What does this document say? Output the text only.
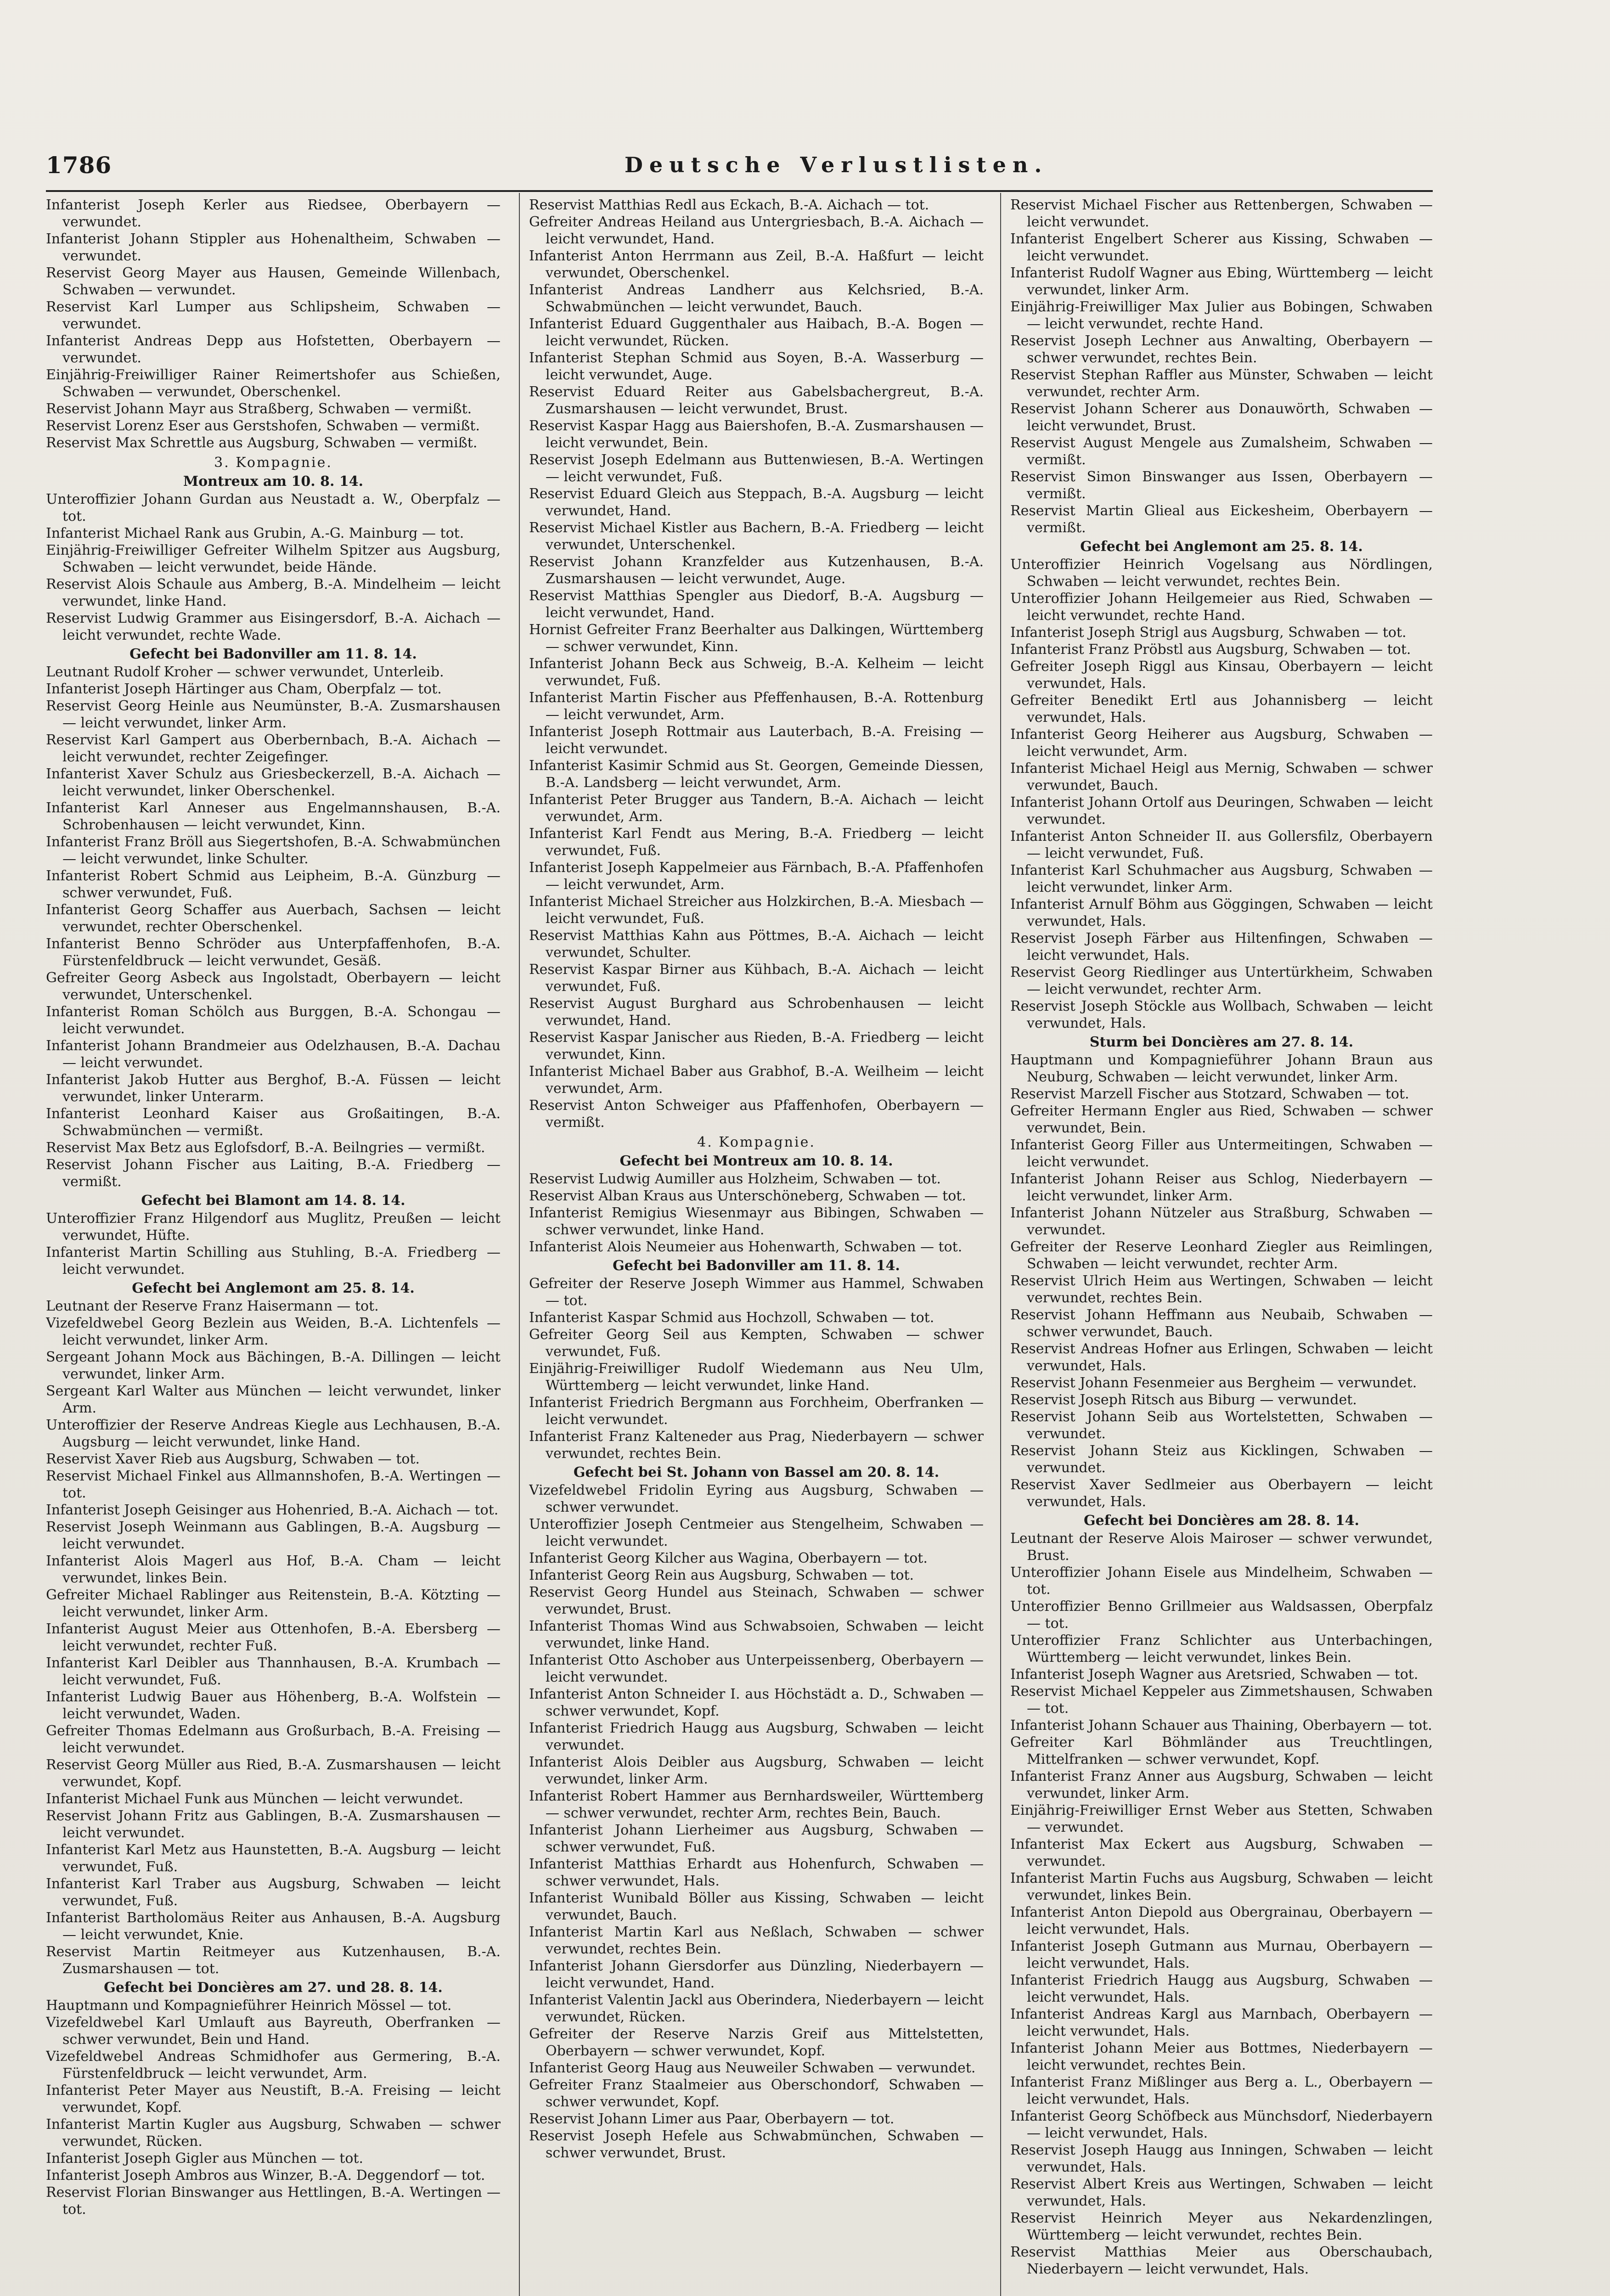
1786	Deutsche Verlustlisten.

Infanterist Joseph Kerler aus Riedsee, Oberbayern — verwundet.

Infanterist Johann Stippler aus Hohenaltheim, Schwaben — verwundet.

Reservist Georg Mayer aus Hausen, Gemeinde Willenbach, Schwaben — verwundet.

Reservist Karl Lumper aus Schlipsheim, Schwaben — verwundet.

Infanterist Andreas Depp aus Hofstetten, Oberbayern — verwundet.

Einjährig-Freiwilliger Rainer Reimertshofer aus Schießen, Schwaben — verwundet, Oberschenkel.

Reservist Johann Mayr aus Straßberg, Schwaben — vermißt.

Reservist Lorenz Eser aus Gerstshofen, Schwaben — vermißt.

Reservist Max Schrettle aus Augsburg, Schwaben — vermißt.

3. Kompagnie.

Montreux am 10. 8. 14.

Unteroffizier Johann Gurdan aus Neustadt a. W., Oberpfalz — tot.

Infanterist Michael Rank aus Grubin, A.-G. Mainburg — tot.

Einjährig-Freiwilliger Gefreiter Wilhelm Spitzer aus Augsburg, Schwaben — leicht verwundet, beide Hände.

Reservist Alois Schaule aus Amberg, B.-A. Mindelheim — leicht verwundet, linke Hand.

Reservist Ludwig Grammer aus Eisingersdorf, B.-A. Aichach — leicht verwundet, rechte Wade.

Gefecht bei Badonviller am 11. 8. 14.

Leutnant Rudolf Kroher — schwer verwundet, Unterleib.

Infanterist Joseph Härtinger aus Cham, Oberpfalz — tot.

Reservist Georg Heinle aus Neumünster, B.-A. Zusmarshausen — leicht verwundet, linker Arm.

Reservist Karl Gampert aus Oberbernbach, B.-A. Aichach — leicht verwundet, rechter Zeigefinger.

Infanterist Xaver Schulz aus Griesbeckerzell, B.-A. Aichach — leicht verwundet, linker Oberschenkel.

Infanterist Karl Anneser aus Engelmannshausen, B.-A. Schrobenhausen — leicht verwundet, Kinn.

Infanterist Franz Bröll aus Siegertshofen, B.-A. Schwabmünchen — leicht verwundet, linke Schulter.

Infanterist Robert Schmid aus Leipheim, B.-A. Günzburg — schwer verwundet, Fuß.

Infanterist Georg Schaffer aus Auerbach, Sachsen — leicht verwundet, rechter Oberschenkel.

Infanterist Benno Schröder aus Unterpfaffenhofen, B.-A. Fürstenfeldbruck — leicht verwundet, Gesäß.

Gefreiter Georg Asbeck aus Ingolstadt, Oberbayern — leicht verwundet, Unterschenkel.

Infanterist Roman Schölch aus Burggen, B.-A. Schongau — leicht verwundet.

Infanterist Johann Brandmeier aus Odelzhausen, B.-A. Dachau — leicht verwundet.

Infanterist Jakob Hutter aus Berghof, B.-A. Füssen — leicht verwundet, linker Unterarm.

Infanterist Leonhard Kaiser aus Großaitingen, B.-A. Schwabmünchen — vermißt.

Reservist Max Betz aus Eglofsdorf, B.-A. Beilngries — vermißt.

Reservist Johann Fischer aus Laiting, B.-A. Friedberg — vermißt.

Gefecht bei Blamont am 14. 8. 14.

Unteroffizier Franz Hilgendorf aus Muglitz, Preußen — leicht verwundet, Hüfte.

Infanterist Martin Schilling aus Stuhling, B.-A. Friedberg — leicht verwundet.

Gefecht bei Anglemont am 25. 8. 14.

Leutnant der Reserve Franz Haisermann — tot.

Vizefeldwebel Georg Bezlein aus Weiden, B.-A. Lichtenfels — leicht verwundet, linker Arm.

Sergeant Johann Mock aus Bächingen, B.-A. Dillingen — leicht verwundet, linker Arm.

Sergeant Karl Walter aus München — leicht verwundet, linker Arm.

Unteroffizier der Reserve Andreas Kiegle aus Lechhausen, B.-A. Augsburg — leicht verwundet, linke Hand.

Reservist Xaver Rieb aus Augsburg, Schwaben — tot.

Reservist Michael Finkel aus Allmannshofen, B.-A. Wertingen — tot.

Infanterist Joseph Geisinger aus Hohenried, B.-A. Aichach — tot.

Reservist Joseph Weinmann aus Gablingen, B.-A. Augsburg — leicht verwundet.

Infanterist Alois Magerl aus Hof, B.-A. Cham — leicht verwundet, linkes Bein.

Gefreiter Michael Rablinger aus Reitenstein, B.-A. Kötzting — leicht verwundet, linker Arm.

Infanterist August Meier aus Ottenhofen, B.-A. Ebersberg — leicht verwundet, rechter Fuß.

Infanterist Karl Deibler aus Thannhausen, B.-A. Krumbach — leicht verwundet, Fuß.

Infanterist Ludwig Bauer aus Höhenberg, B.-A. Wolfstein — leicht verwundet, Waden.

Gefreiter Thomas Edelmann aus Großurbach, B.-A. Freising — leicht verwundet.

Reservist Georg Müller aus Ried, B.-A. Zusmarshausen — leicht verwundet, Kopf.

Infanterist Michael Funk aus München — leicht verwundet.

Reservist Johann Fritz aus Gablingen, B.-A. Zusmarshausen — leicht verwundet.

Infanterist Karl Metz aus Haunstetten, B.-A. Augsburg — leicht verwundet, Fuß.

Infanterist Karl Traber aus Augsburg, Schwaben — leicht verwundet, Fuß.

Infanterist Bartholomäus Reiter aus Anhausen, B.-A. Augsburg — leicht verwundet, Knie.

Reservist Martin Reitmeyer aus Kutzenhausen, B.-A. Zusmarshausen — tot.

Gefecht bei Doncières am 27. und 28. 8. 14.

Hauptmann und Kompagnieführer Heinrich Mössel — tot.

Vizefeldwebel Karl Umlauft aus Bayreuth, Oberfranken — schwer verwundet, Bein und Hand.

Vizefeldwebel Andreas Schmidhofer aus Germering, B.-A. Fürstenfeldbruck — leicht verwundet, Arm.

Infanterist Peter Mayer aus Neustift, B.-A. Freising — leicht verwundet, Kopf.

Infanterist Martin Kugler aus Augsburg, Schwaben — schwer verwundet, Rücken.

Infanterist Joseph Gigler aus München — tot.

Infanterist Joseph Ambros aus Winzer, B.-A. Deggendorf — tot.

Reservist Florian Binswanger aus Hettlingen, B.-A. Wertingen — tot.

Reservist Matthias Redl aus Eckach, B.-A. Aichach — tot.

Gefreiter Andreas Heiland aus Untergriesbach, B.-A. Aichach — leicht verwundet, Hand.

Infanterist Anton Herrmann aus Zeil, B.-A. Haßfurt — leicht verwundet, Oberschenkel.

Infanterist Andreas Landherr aus Kelchsried, B.-A. Schwabmünchen — leicht verwundet, Bauch.

Infanterist Eduard Guggenthaler aus Haibach, B.-A. Bogen — leicht verwundet, Rücken.

Infanterist Stephan Schmid aus Soyen, B.-A. Wasserburg — leicht verwundet, Auge.

Reservist Eduard Reiter aus Gabelsbachergreut, B.-A. Zusmarshausen — leicht verwundet, Brust.

Reservist Kaspar Hagg aus Baiershofen, B.-A. Zusmarshausen — leicht verwundet, Bein.

Reservist Joseph Edelmann aus Buttenwiesen, B.-A. Wertingen — leicht verwundet, Fuß.

Reservist Eduard Gleich aus Steppach, B.-A. Augsburg — leicht verwundet, Hand.

Reservist Michael Kistler aus Bachern, B.-A. Friedberg — leicht verwundet, Unterschenkel.

Reservist Johann Kranzfelder aus Kutzenhausen, B.-A. Zusmarshausen — leicht verwundet, Auge.

Reservist Matthias Spengler aus Diedorf, B.-A. Augsburg — leicht verwundet, Hand.

Hornist Gefreiter Franz Beerhalter aus Dalkingen, Württemberg — schwer verwundet, Kinn.

Infanterist Johann Beck aus Schweig, B.-A. Kelheim — leicht verwundet, Fuß.

Infanterist Martin Fischer aus Pfeffenhausen, B.-A. Rottenburg — leicht verwundet, Arm.

Infanterist Joseph Rottmair aus Lauterbach, B.-A. Freising — leicht verwundet.

Infanterist Kasimir Schmid aus St. Georgen, Gemeinde Diessen, B.-A. Landsberg — leicht verwundet, Arm.

Infanterist Peter Brugger aus Tandern, B.-A. Aichach — leicht verwundet, Arm.

Infanterist Karl Fendt aus Mering, B.-A. Friedberg — leicht verwundet, Fuß.

Infanterist Joseph Kappelmeier aus Färnbach, B.-A. Pfaffenhofen — leicht verwundet, Arm.

Infanterist Michael Streicher aus Holzkirchen, B.-A. Miesbach — leicht verwundet, Fuß.

Reservist Matthias Kahn aus Pöttmes, B.-A. Aichach — leicht verwundet, Schulter.

Reservist Kaspar Birner aus Kühbach, B.-A. Aichach — leicht verwundet, Fuß.

Reservist August Burghard aus Schrobenhausen — leicht verwundet, Hand.

Reservist Kaspar Janischer aus Rieden, B.-A. Friedberg — leicht verwundet, Kinn.

Infanterist Michael Baber aus Grabhof, B.-A. Weilheim — leicht verwundet, Arm.

Reservist Anton Schweiger aus Pfaffenhofen, Oberbayern — vermißt.

4. Kompagnie.

Gefecht bei Montreux am 10. 8. 14.

Reservist Ludwig Aumiller aus Holzheim, Schwaben — tot.

Reservist Alban Kraus aus Unterschöneberg, Schwaben — tot.

Infanterist Remigius Wiesenmayr aus Bibingen, Schwaben — schwer verwundet, linke Hand.

Infanterist Alois Neumeier aus Hohenwarth, Schwaben — tot.

Gefecht bei Badonviller am 11. 8. 14.

Gefreiter der Reserve Joseph Wimmer aus Hammel, Schwaben — tot.

Infanterist Kaspar Schmid aus Hochzoll, Schwaben — tot.

Gefreiter Georg Seil aus Kempten, Schwaben — schwer verwundet, Fuß.

Einjährig-Freiwilliger Rudolf Wiedemann aus Neu Ulm, Württemberg — leicht verwundet, linke Hand.

Infanterist Friedrich Bergmann aus Forchheim, Oberfranken — leicht verwundet.

Infanterist Franz Kalteneder aus Prag, Niederbayern — schwer verwundet, rechtes Bein.

Gefecht bei St. Johann von Bassel am 20. 8. 14.

Vizefeldwebel Fridolin Eyring aus Augsburg, Schwaben — schwer verwundet.

Unteroffizier Joseph Centmeier aus Stengelheim, Schwaben — leicht verwundet.

Infanterist Georg Kilcher aus Wagina, Oberbayern — tot.

Infanterist Georg Rein aus Augsburg, Schwaben — tot.

Reservist Georg Hundel aus Steinach, Schwaben — schwer verwundet, Brust.

Infanterist Thomas Wind aus Schwabsoien, Schwaben — leicht verwundet, linke Hand.

Infanterist Otto Aschober aus Unterpeissenberg, Oberbayern — leicht verwundet.

Infanterist Anton Schneider I. aus Höchstädt a. D., Schwaben — schwer verwundet, Kopf.

Infanterist Friedrich Haugg aus Augsburg, Schwaben — leicht verwundet.

Infanterist Alois Deibler aus Augsburg, Schwaben — leicht verwundet, linker Arm.

Infanterist Robert Hammer aus Bernhardsweiler, Württemberg — schwer verwundet, rechter Arm, rechtes Bein, Bauch.

Infanterist Johann Lierheimer aus Augsburg, Schwaben — schwer verwundet, Fuß.

Infanterist Matthias Erhardt aus Hohenfurch, Schwaben — schwer verwundet, Hals.

Infanterist Wunibald Böller aus Kissing, Schwaben — leicht verwundet, Bauch.

Infanterist Martin Karl aus Neßlach, Schwaben — schwer verwundet, rechtes Bein.

Infanterist Johann Giersdorfer aus Dünzling, Niederbayern — leicht verwundet, Hand.

Infanterist Valentin Jackl aus Oberindera, Niederbayern — leicht verwundet, Rücken.

Gefreiter der Reserve Narzis Greif aus Mittelstetten, Oberbayern — schwer verwundet, Kopf.

Infanterist Georg Haug aus Neuweiler Schwaben — verwundet.

Gefreiter Franz Staalmeier aus Oberschondorf, Schwaben — schwer verwundet, Kopf.

Reservist Johann Limer aus Paar, Oberbayern — tot.

Reservist Joseph Hefele aus Schwabmünchen, Schwaben — schwer verwundet, Brust.

Reservist Michael Fischer aus Rettenbergen, Schwaben — leicht verwundet.

Infanterist Engelbert Scherer aus Kissing, Schwaben — leicht verwundet.

Infanterist Rudolf Wagner aus Ebing, Württemberg — leicht verwundet, linker Arm.

Einjährig-Freiwilliger Max Julier aus Bobingen, Schwaben — leicht verwundet, rechte Hand.

Reservist Joseph Lechner aus Anwalting, Oberbayern — schwer verwundet, rechtes Bein.

Reservist Stephan Raffler aus Münster, Schwaben — leicht verwundet, rechter Arm.

Reservist Johann Scherer aus Donauwörth, Schwaben — leicht verwundet, Brust.

Reservist August Mengele aus Zumalsheim, Schwaben — vermißt.

Reservist Simon Binswanger aus Issen, Oberbayern — vermißt.

Reservist Martin Glieal aus Eickesheim, Oberbayern — vermißt.

Gefecht bei Anglemont am 25. 8. 14.

Unteroffizier Heinrich Vogelsang aus Nördlingen, Schwaben — leicht verwundet, rechtes Bein.

Unteroffizier Johann Heilgemeier aus Ried, Schwaben — leicht verwundet, rechte Hand.

Infanterist Joseph Strigl aus Augsburg, Schwaben — tot.

Infanterist Franz Pröbstl aus Augsburg, Schwaben — tot.

Gefreiter Joseph Riggl aus Kinsau, Oberbayern — leicht verwundet, Hals.

Gefreiter Benedikt Ertl aus Johannisberg — leicht verwundet, Hals.

Infanterist Georg Heiherer aus Augsburg, Schwaben — leicht verwundet, Arm.

Infanterist Michael Heigl aus Mernig, Schwaben — schwer verwundet, Bauch.

Infanterist Johann Ortolf aus Deuringen, Schwaben — leicht verwundet.

Infanterist Anton Schneider II. aus Gollersfilz, Oberbayern — leicht verwundet, Fuß.

Infanterist Karl Schuhmacher aus Augsburg, Schwaben — leicht verwundet, linker Arm.

Infanterist Arnulf Böhm aus Göggingen, Schwaben — leicht verwundet, Hals.

Reservist Joseph Färber aus Hiltenfingen, Schwaben — leicht verwundet, Hals.

Reservist Georg Riedlinger aus Untertürkheim, Schwaben — leicht verwundet, rechter Arm.

Reservist Joseph Stöckle aus Wollbach, Schwaben — leicht verwundet, Hals.

Sturm bei Doncières am 27. 8. 14.

Hauptmann und Kompagnieführer Johann Braun aus Neuburg, Schwaben — leicht verwundet, linker Arm.

Reservist Marzell Fischer aus Stotzard, Schwaben — tot.

Gefreiter Hermann Engler aus Ried, Schwaben — schwer verwundet, Bein.

Infanterist Georg Filler aus Untermeitingen, Schwaben — leicht verwundet.

Infanterist Johann Reiser aus Schlog, Niederbayern — leicht verwundet, linker Arm.

Infanterist Johann Nützeler aus Straßburg, Schwaben — verwundet.

Gefreiter der Reserve Leonhard Ziegler aus Reimlingen, Schwaben — leicht verwundet, rechter Arm.

Reservist Ulrich Heim aus Wertingen, Schwaben — leicht verwundet, rechtes Bein.

Reservist Johann Heffmann aus Neubaib, Schwaben — schwer verwundet, Bauch.

Reservist Andreas Hofner aus Erlingen, Schwaben — leicht verwundet, Hals.

Reservist Johann Fesenmeier aus Bergheim — verwundet.

Reservist Joseph Ritsch aus Biburg — verwundet.

Reservist Johann Seib aus Wortelstetten, Schwaben — verwundet.

Reservist Johann Steiz aus Kicklingen, Schwaben — verwundet.

Reservist Xaver Sedlmeier aus Oberbayern — leicht verwundet, Hals.

Gefecht bei Doncières am 28. 8. 14.

Leutnant der Reserve Alois Mairoser — schwer verwundet, Brust.

Unteroffizier Johann Eisele aus Mindelheim, Schwaben — tot.

Unteroffizier Benno Grillmeier aus Waldsassen, Oberpfalz — tot.

Unteroffizier Franz Schlichter aus Unterbachingen, Württemberg — leicht verwundet, linkes Bein.

Infanterist Joseph Wagner aus Aretsried, Schwaben — tot.

Reservist Michael Keppeler aus Zimmetshausen, Schwaben — tot.

Infanterist Johann Schauer aus Thaining, Oberbayern — tot.

Gefreiter Karl Böhmländer aus Treuchtlingen, Mittelfranken — schwer verwundet, Kopf.

Infanterist Franz Anner aus Augsburg, Schwaben — leicht verwundet, linker Arm.

Einjährig-Freiwilliger Ernst Weber aus Stetten, Schwaben — verwundet.

Infanterist Max Eckert aus Augsburg, Schwaben — verwundet.

Infanterist Martin Fuchs aus Augsburg, Schwaben — leicht verwundet, linkes Bein.

Infanterist Anton Diepold aus Obergrainau, Oberbayern — leicht verwundet, Hals.

Infanterist Joseph Gutmann aus Murnau, Oberbayern — leicht verwundet, Hals.

Infanterist Friedrich Haugg aus Augsburg, Schwaben — leicht verwundet, Hals.

Infanterist Andreas Kargl aus Marnbach, Oberbayern — leicht verwundet, Hals.

Infanterist Johann Meier aus Bottmes, Niederbayern — leicht verwundet, rechtes Bein.

Infanterist Franz Mißlinger aus Berg a. L., Oberbayern — leicht verwundet, Hals.

Infanterist Georg Schöfbeck aus Münchsdorf, Niederbayern — leicht verwundet, Hals.

Reservist Joseph Haugg aus Inningen, Schwaben — leicht verwundet, Hals.

Reservist Albert Kreis aus Wertingen, Schwaben — leicht verwundet, Hals.

Reservist Heinrich Meyer aus Nekardenzlingen, Württemberg — leicht verwundet, rechtes Bein.

Reservist Matthias Meier aus Oberschaubach, Niederbayern — leicht verwundet, Hals.
